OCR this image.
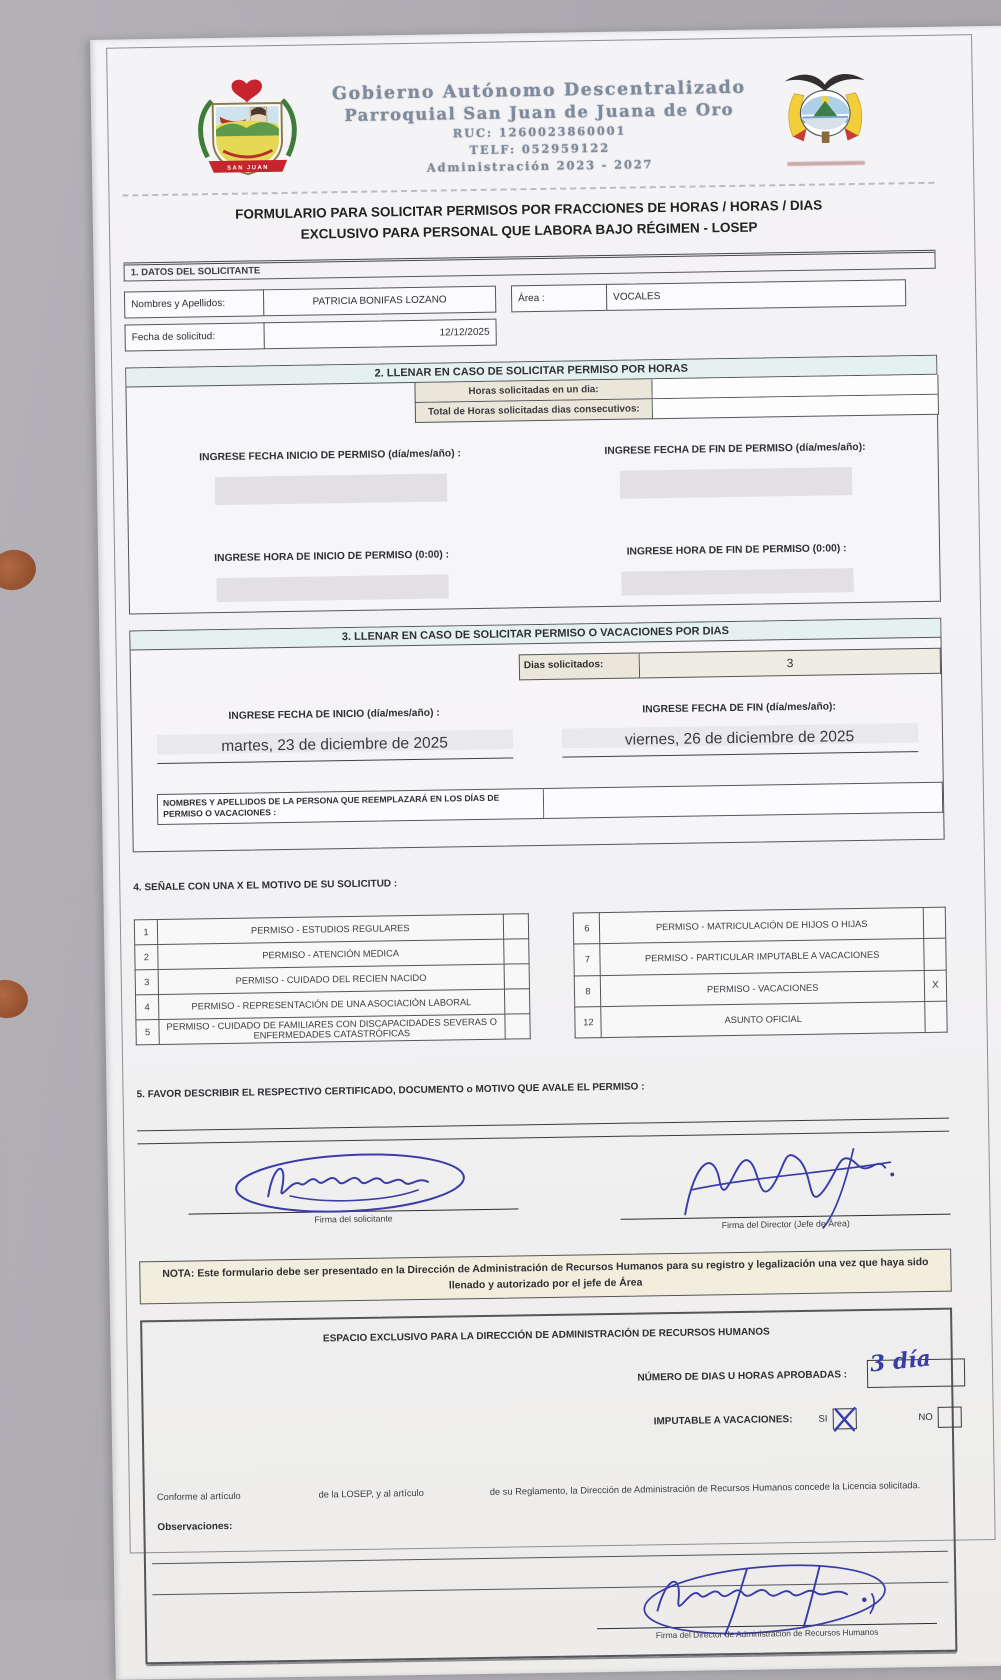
SAN JUAN
Gobierno Autónomo Descentralizado
Parroquial San Juan de Juana de Oro
RUC: 1260023860001
TELF: 052959122
Administración 2023 - 2027
FORMULARIO PARA SOLICITAR PERMISOS POR FRACCIONES DE HORAS / HORAS / DIAS
EXCLUSIVO PARA PERSONAL QUE LABORA BAJO RÉGIMEN - LOSEP
1. DATOS DEL SOLICITANTE
Nombres y Apellidos:	PATRICIA BONIFAS LOZANO	Área :	VOCALES
Fecha de solicitud:	12/12/2025
2. LLENAR EN CASO DE SOLICITAR PERMISO POR HORAS
Horas solicitadas en un dia:
Total de Horas solicitadas dias consecutivos:
INGRESE FECHA INICIO DE PERMISO (día/mes/año) :	INGRESE FECHA DE FIN DE PERMISO (día/mes/año):
INGRESE HORA DE INICIO DE PERMISO (0:00) :	INGRESE HORA DE FIN DE PERMISO (0:00) :
3. LLENAR EN CASO DE SOLICITAR PERMISO O VACACIONES POR DIAS
Dias solicitados:	3
INGRESE FECHA DE INICIO (día/mes/año) :
martes, 23 de diciembre de 2025
INGRESE FECHA DE FIN (día/mes/año):
viernes, 26 de diciembre de 2025
NOMBRES Y APELLIDOS DE LA PERSONA QUE REEMPLAZARÁ EN LOS DÍAS DE PERMISO O VACACIONES :
4. SEÑALE CON UNA X EL MOTIVO DE SU SOLICITUD :
1	PERMISO - ESTUDIOS REGULARES	
2	PERMISO - ATENCIÓN MEDICA	
3	PERMISO - CUIDADO DEL RECIEN NACIDO	
4	PERMISO - REPRESENTACIÓN DE UNA ASOCIACIÓN LABORAL	
5	PERMISO - CUIDADO DE FAMILIARES CON DISCAPACIDADES SEVERAS O ENFERMEDADES CATASTRÓFICAS	
6	PERMISO - MATRICULACIÓN DE HIJOS O HIJAS	
7	PERMISO - PARTICULAR IMPUTABLE A VACACIONES	
8	PERMISO - VACACIONES	X
12	ASUNTO OFICIAL	
5. FAVOR DESCRIBIR EL RESPECTIVO CERTIFICADO, DOCUMENTO o MOTIVO QUE AVALE EL PERMISO :
Firma del solicitante	Firma del Director (Jefe de Área)
NOTA: Este formulario debe ser presentado en la Dirección de Administración de Recursos Humanos para su registro y legalización una vez que haya sido llenado y autorizado por el jefe de Área
ESPACIO EXCLUSIVO PARA LA DIRECCIÓN DE ADMINISTRACIÓN DE RECURSOS HUMANOS
NÚMERO DE DIAS U HORAS APROBADAS : 3 día
IMPUTABLE A VACACIONES:	SI	NO
Conforme al artículo	de la LOSEP, y al artículo	de su Reglamento, la Dirección de Administración de Recursos Humanos concede la Licencia solicitada.
Observaciones:
Firma del Director de Administración de Recursos Humanos
